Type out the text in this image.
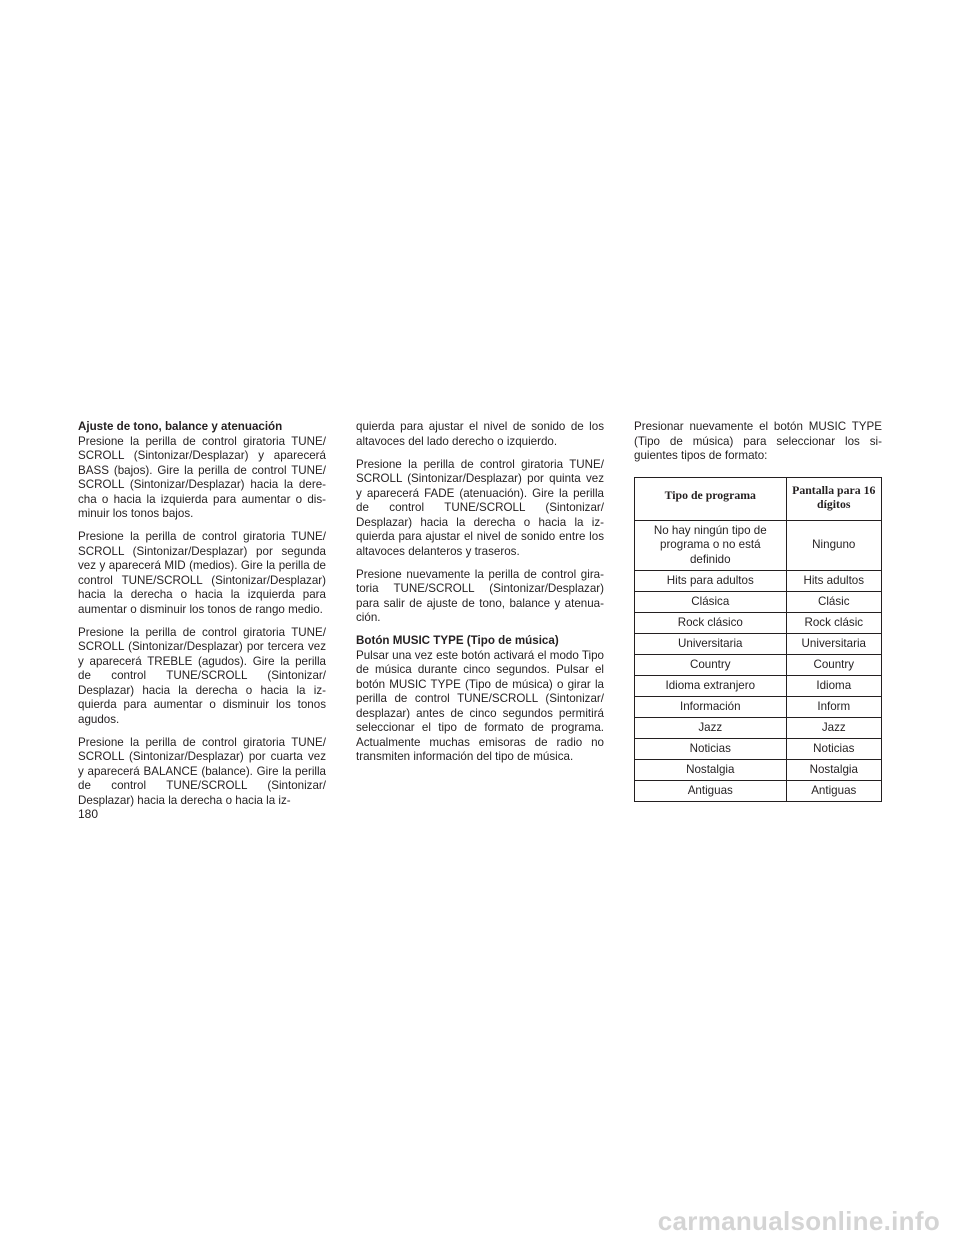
Ajuste de tono, balance y atenuación

Presione la perilla de control giratoria TUNE/ SCROLL (Sintonizar/Desplazar) y aparecerá BASS (bajos). Gire la perilla de control TUNE/ SCROLL (Sintonizar/Desplazar) hacia la dere- cha o hacia la izquierda para aumentar o dis- minuir los tonos bajos.

Presione la perilla de control giratoria TUNE/ SCROLL (Sintonizar/Desplazar) por segunda vez y aparecerá MID (medios). Gire la perilla de control TUNE/SCROLL (Sintonizar/Desplazar) hacia la derecha o hacia la izquierda para aumentar o disminuir los tonos de rango medio.

Presione la perilla de control giratoria TUNE/ SCROLL (Sintonizar/Desplazar) por tercera vez y aparecerá TREBLE (agudos). Gire la perilla de control TUNE/SCROLL (Sintonizar/ Desplazar) hacia la derecha o hacia la iz- quierda para aumentar o disminuir los tonos agudos.

Presione la perilla de control giratoria TUNE/ SCROLL (Sintonizar/Desplazar) por cuarta vez y aparecerá BALANCE (balance). Gire la perilla de control TUNE/SCROLL (Sintonizar/ Desplazar) hacia la derecha o hacia la iz-

quierda para ajustar el nivel de sonido de los altavoces del lado derecho o izquierdo.

Presione la perilla de control giratoria TUNE/ SCROLL (Sintonizar/Desplazar) por quinta vez y aparecerá FADE (atenuación). Gire la perilla de control TUNE/SCROLL (Sintonizar/ Desplazar) hacia la derecha o hacia la iz- quierda para ajustar el nivel de sonido entre los altavoces delanteros y traseros.

Presione nuevamente la perilla de control gira- toria TUNE/SCROLL (Sintonizar/Desplazar) para salir de ajuste de tono, balance y atenua- ción.

Botón MUSIC TYPE (Tipo de música)

Pulsar una vez este botón activará el modo Tipo de música durante cinco segundos. Pulsar el botón MUSIC TYPE (Tipo de música) o girar la perilla de control TUNE/SCROLL (Sintonizar/ desplazar) antes de cinco segundos permitirá seleccionar el tipo de formato de programa. Actualmente muchas emisoras de radio no transmiten información del tipo de música.

Presionar nuevamente el botón MUSIC TYPE (Tipo de música) para seleccionar los si- guientes tipos de formato:

Tipo de programa	Pantalla para 16 dígitos
No hay ningún tipo de programa o no está definido	Ninguno
Hits para adultos	Hits adultos
Clásica	Clásic
Rock clásico	Rock clásic
Universitaria	Universitaria
Country	Country
Idioma extranjero	Idioma
Información	Inform
Jazz	Jazz
Noticias	Noticias
Nostalgia	Nostalgia
Antiguas	Antiguas
180
carmanualsonline.info
